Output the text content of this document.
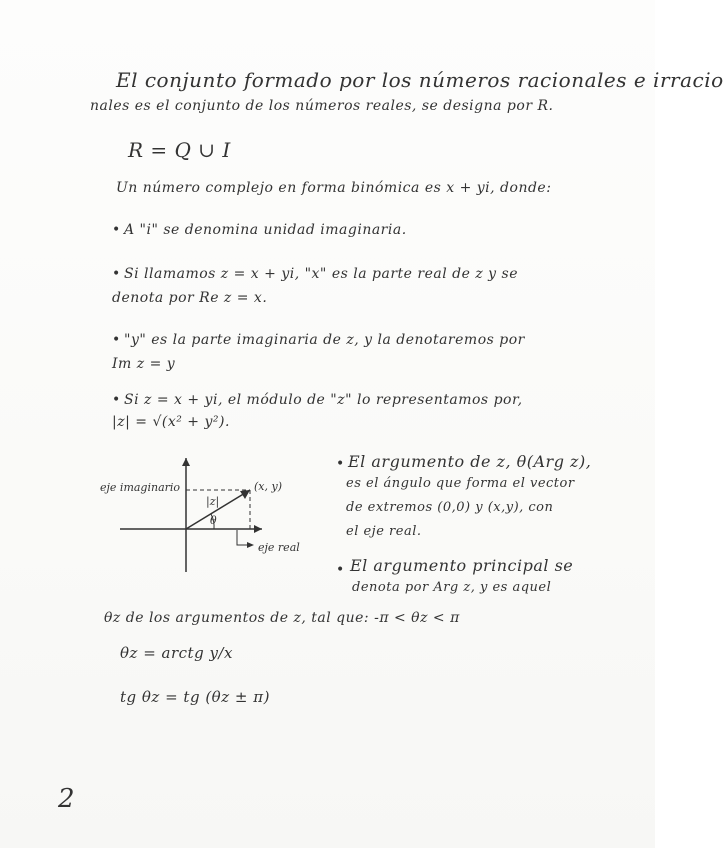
El conjunto formado por los números racionales e irracio
nales es el conjunto de los números reales, se designa por R.
R = Q ∪ I
Un número complejo en forma binómica es x + yi, donde:
• A "i" se denomina unidad imaginaria.
• Si llamamos z = x + yi, "x" es la parte real de z y se
denota por Re z = x.
• "y" es la parte imaginaria de z, y la denotaremos por
Im z = y
• Si z = x + yi, el módulo de "z" lo representamos por,
|z| = √(x² + y²).
eje imaginario	(x, y)
|z|
θ
eje real
• El argumento de z, θ(Arg z),
es el ángulo que forma el vector
de extremos (0,0) y (x,y), con
el eje real.
• El argumento principal se
denota por Arg z, y es aquel
θz de los argumentos de z, tal que: -π < θz < π
θz = arctg y/x
tg θz = tg (θz ± π)
2
